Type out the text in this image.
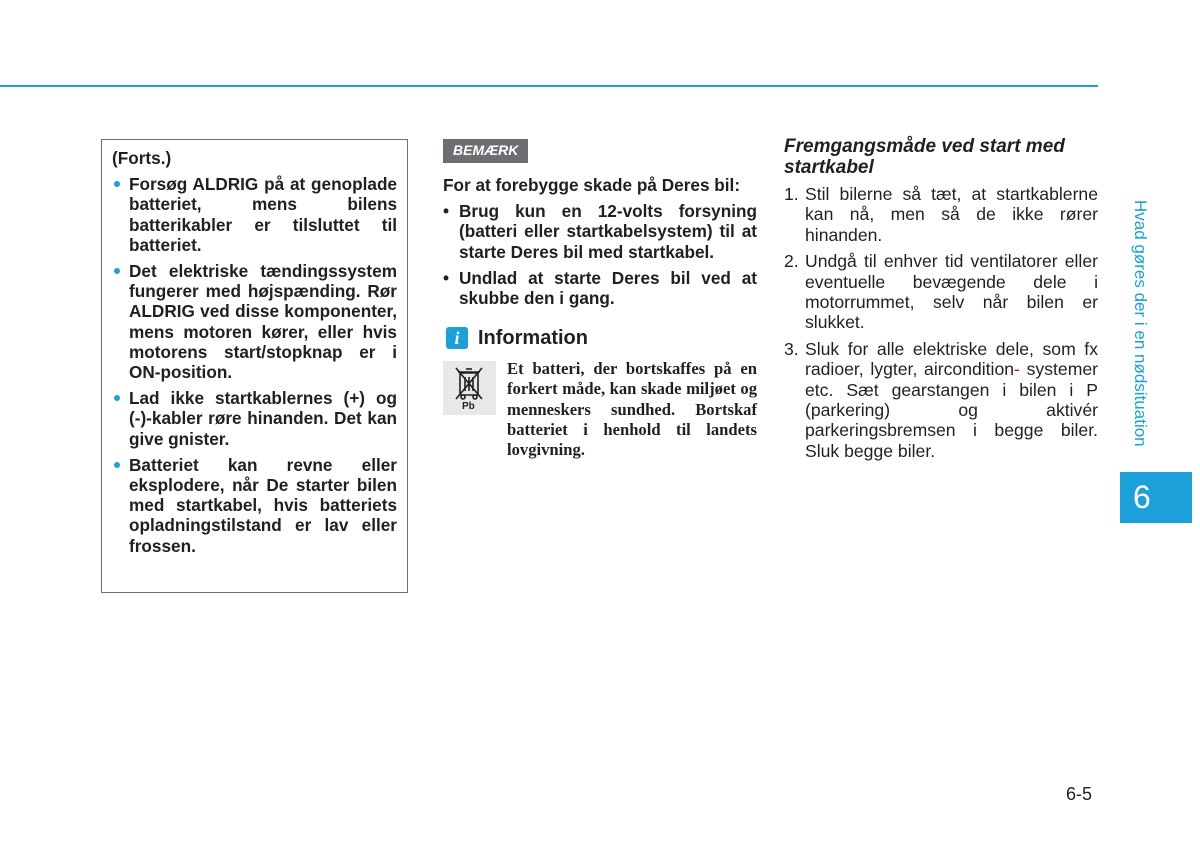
(Forts.)

Forsøg ALDRIG på at genoplade batteriet, mens bilens batterikabler er tilsluttet til batteriet.
Det elektriske tændingssystem fungerer med højspænding. Rør ALDRIG ved disse komponenter, mens motoren kører, eller hvis motorens start/stopknap er i ON-position.
Lad ikke startkablernes (+) og (-)-kabler røre hinanden. Det kan give gnister.
Batteriet kan revne eller eksplodere, når De starter bilen med startkabel, hvis batteriets opladningstilstand er lav eller frossen.
BEMÆRK

For at forebygge skade på Deres bil:

• Brug kun en 12-volts forsyning (batteri eller startkabelsystem) til at starte Deres bil med startkabel.
• Undlad at starte Deres bil ved at skubbe den i gang.
i Information
Pb
Et batteri, der bortskaffes på en forkert måde, kan skade miljøet og menneskers sundhed. Bortskaf batteriet i henhold til landets lovgivning.
Fremgangsmåde ved start med startkabel
1. Stil bilerne så tæt, at startkablerne kan nå, men så de ikke rører hinanden.
2. Undgå til enhver tid ventilatorer eller eventuelle bevægende dele i motorrummet, selv når bilen er slukket.
3. Sluk for alle elektriske dele, som fx radioer, lygter, aircondition- systemer etc. Sæt gearstangen i bilen i P (parkering) og aktivér parkeringsbremsen i begge biler. Sluk begge biler.
Hvad gøres der i en nødsituation
6
6-5
